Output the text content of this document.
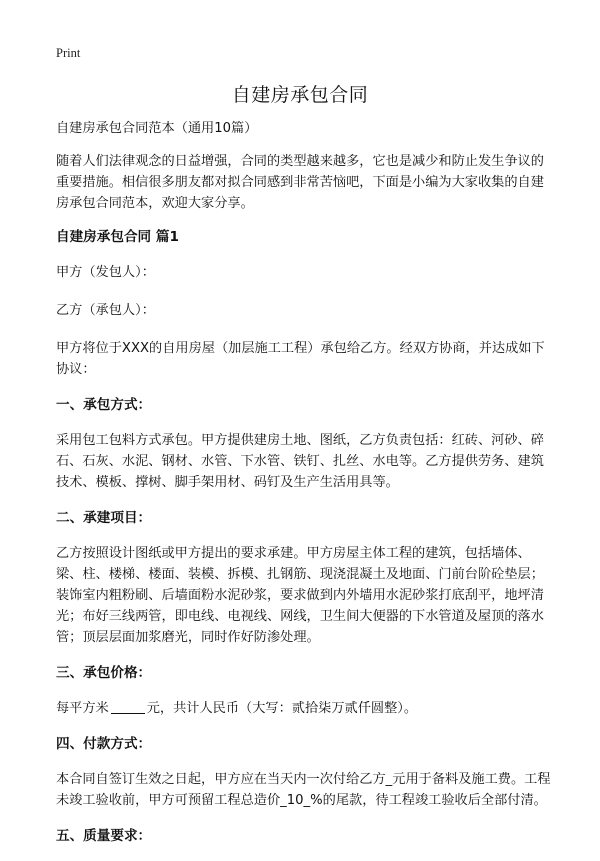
Print
自建房承包合同

自建房承包合同范本（通用10篇）

随着人们法律观念的日益增强，合同的类型越来越多，它也是减少和防止发生争议的重要措施。相信很多朋友都对拟合同感到非常苦恼吧，下面是小编为大家收集的自建房承包合同范本，欢迎大家分享。

自建房承包合同 篇1

甲方（发包人）：

乙方（承包人）：

甲方将位于XXX的自用房屋（加层施工工程）承包给乙方。经双方协商，并达成如下协议：

一、承包方式：

采用包工包料方式承包。甲方提供建房土地、图纸，乙方负责包括：红砖、河砂、碎石、石灰、水泥、钢材、水管、下水管、铁钉、扎丝、水电等。乙方提供劳务、建筑技术、模板、撑树、脚手架用材、码钉及生产生活用具等。

二、承建项目：

乙方按照设计图纸或甲方提出的要求承建。甲方房屋主体工程的建筑，包括墙体、梁、柱、楼梯、楼面、装模、拆模、扎钢筋、现浇混凝土及地面、门前台阶砼垫层；装饰室内粗粉刷、后墙面粉水泥砂浆，要求做到内外墙用水泥砂浆打底刮平，地坪清光；布好三线两管，即电线、电视线、网线，卫生间大便器的下水管道及屋顶的落水管；顶层层面加浆磨光，同时作好防渗处理。

三、承包价格：

每平方米	元，共计人民币（大写：贰拾柒万贰仟圆整）。

四、付款方式：

本合同自签订生效之日起，甲方应在当天内一次付给乙方_元用于备料及施工费。工程未竣工验收前，甲方可预留工程总造价_10_%的尾款，待工程竣工验收后全部付清。

五、质量要求：
